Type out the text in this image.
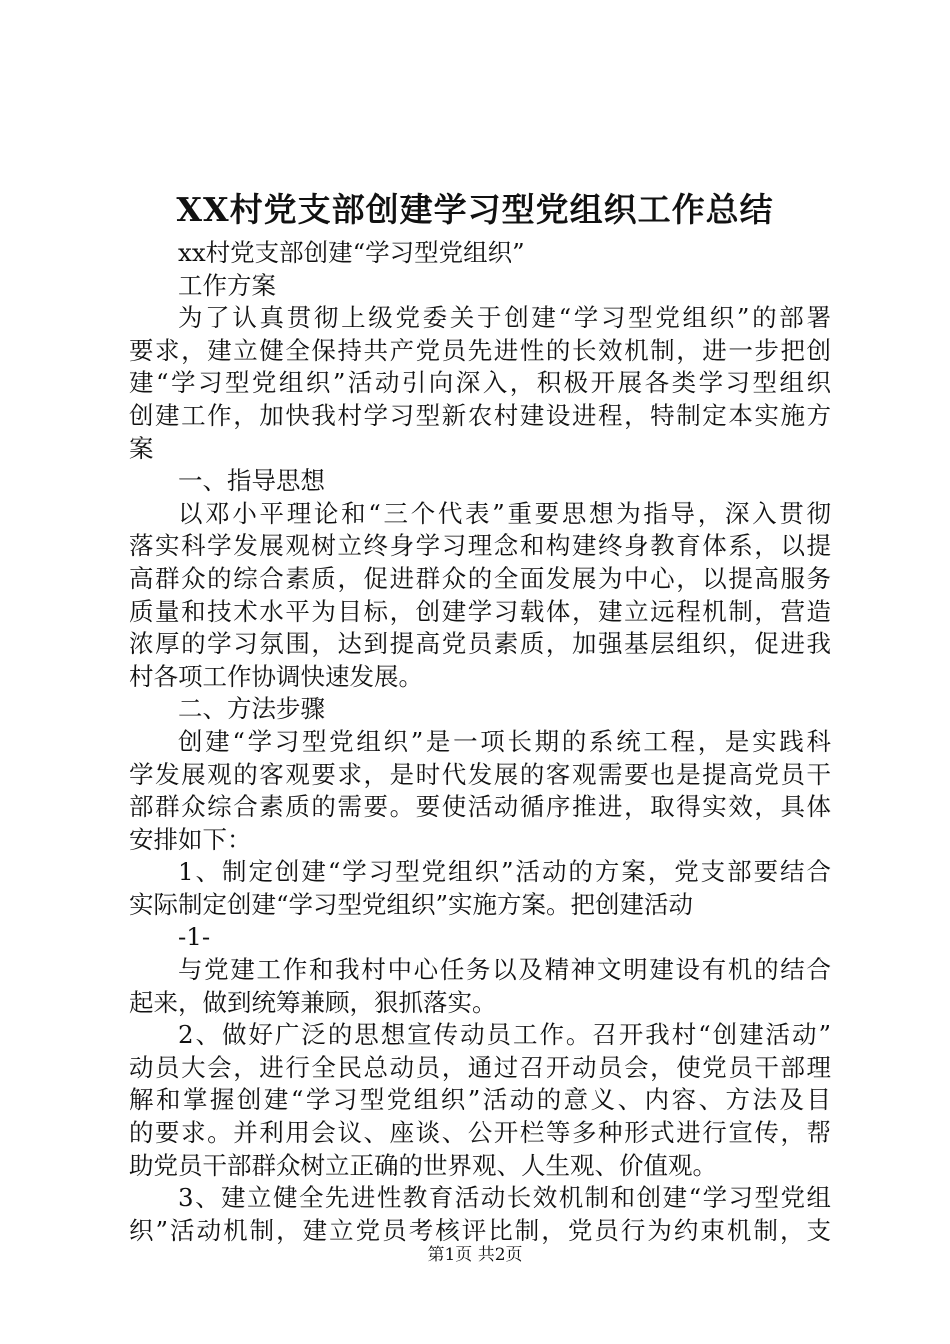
XX村党支部创建学习型党组织工作总结
xx村党支部创建“学习型党组织”
工作方案
为了认真贯彻上级党委关于创建“学习型党组织”的部署
要求，建立健全保持共产党员先进性的长效机制，进一步把创
建“学习型党组织”活动引向深入，积极开展各类学习型组织
创建工作，加快我村学习型新农村建设进程，特制定本实施方
案
一、指导思想
以邓小平理论和“三个代表”重要思想为指导，深入贯彻
落实科学发展观树立终身学习理念和构建终身教育体系，以提
高群众的综合素质，促进群众的全面发展为中心，以提高服务
质量和技术水平为目标，创建学习载体，建立远程机制，营造
浓厚的学习氛围，达到提高党员素质，加强基层组织，促进我
村各项工作协调快速发展。
二、方法步骤
创建“学习型党组织”是一项长期的系统工程，是实践科
学发展观的客观要求，是时代发展的客观需要也是提高党员干
部群众综合素质的需要。要使活动循序推进，取得实效，具体
安排如下：
1、制定创建“学习型党组织”活动的方案，党支部要结合
实际制定创建“学习型党组织”实施方案。把创建活动
-1-
与党建工作和我村中心任务以及精神文明建设有机的结合
起来，做到统筹兼顾，狠抓落实。
2、做好广泛的思想宣传动员工作。召开我村“创建活动”
动员大会，进行全民总动员，通过召开动员会，使党员干部理
解和掌握创建“学习型党组织”活动的意义、内容、方法及目
的要求。并利用会议、座谈、公开栏等多种形式进行宣传，帮
助党员干部群众树立正确的世界观、人生观、价值观。
3、建立健全先进性教育活动长效机制和创建“学习型党组
织”活动机制，建立党员考核评比制，党员行为约束机制，支
第1页 共2页
